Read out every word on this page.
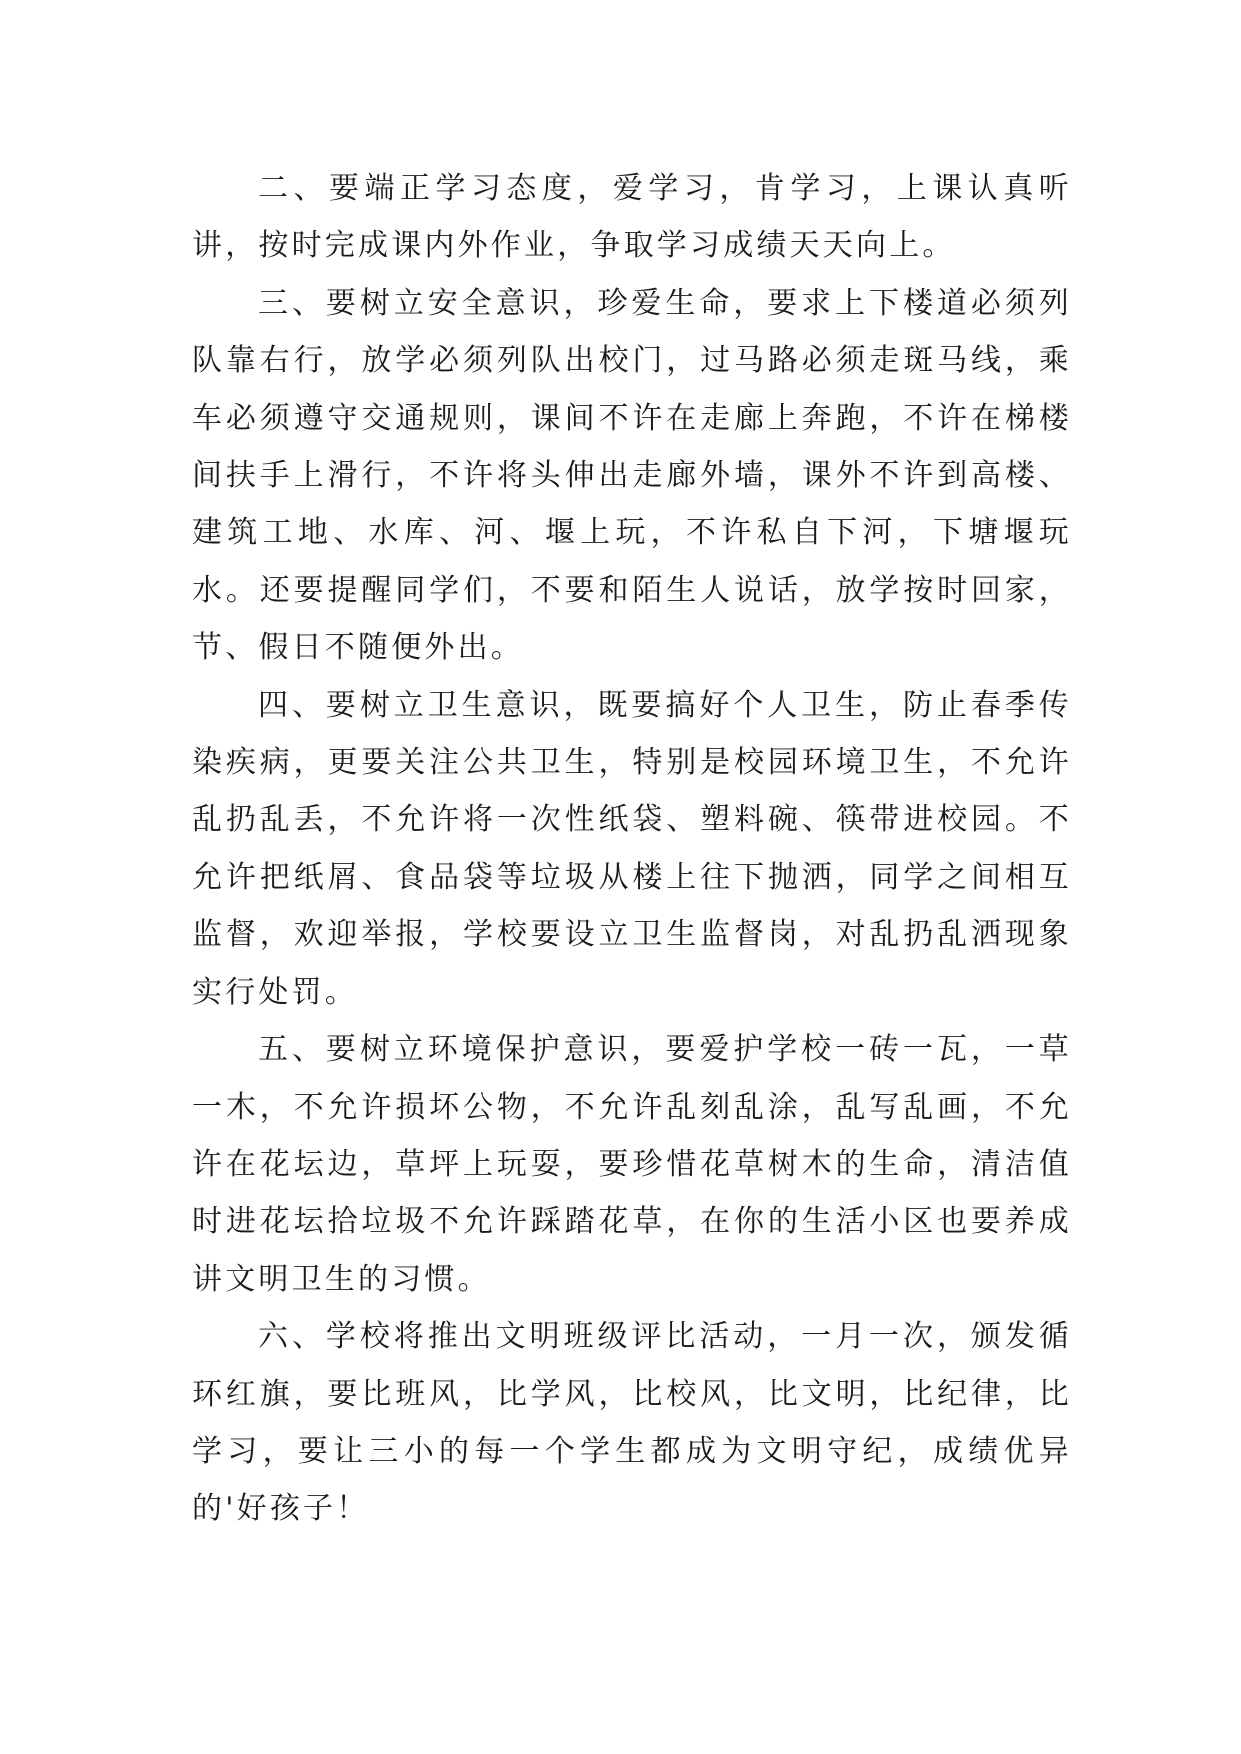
二、要端正学习态度，爱学习，肯学习，上课认真听讲，按时完成课内外作业，争取学习成绩天天向上。

三、要树立安全意识，珍爱生命，要求上下楼道必须列队靠右行，放学必须列队出校门，过马路必须走斑马线，乘车必须遵守交通规则，课间不许在走廊上奔跑，不许在梯楼间扶手上滑行，不许将头伸出走廊外墙，课外不许到高楼、建筑工地、水库、河、堰上玩，不许私自下河，下塘堰玩水。还要提醒同学们，不要和陌生人说话，放学按时回家，节、假日不随便外出。

四、要树立卫生意识，既要搞好个人卫生，防止春季传染疾病，更要关注公共卫生，特别是校园环境卫生，不允许乱扔乱丢，不允许将一次性纸袋、塑料碗、筷带进校园。不允许把纸屑、食品袋等垃圾从楼上往下抛洒，同学之间相互监督，欢迎举报，学校要设立卫生监督岗，对乱扔乱洒现象实行处罚。

五、要树立环境保护意识，要爱护学校一砖一瓦，一草一木，不允许损坏公物，不允许乱刻乱涂，乱写乱画，不允许在花坛边，草坪上玩耍，要珍惜花草树木的生命，清洁值时进花坛拾垃圾不允许踩踏花草，在你的生活小区也要养成讲文明卫生的习惯。

六、学校将推出文明班级评比活动，一月一次，颁发循环红旗，要比班风，比学风，比校风，比文明，比纪律，比学习，要让三小的每一个学生都成为文明守纪，成绩优异的'好孩子！
